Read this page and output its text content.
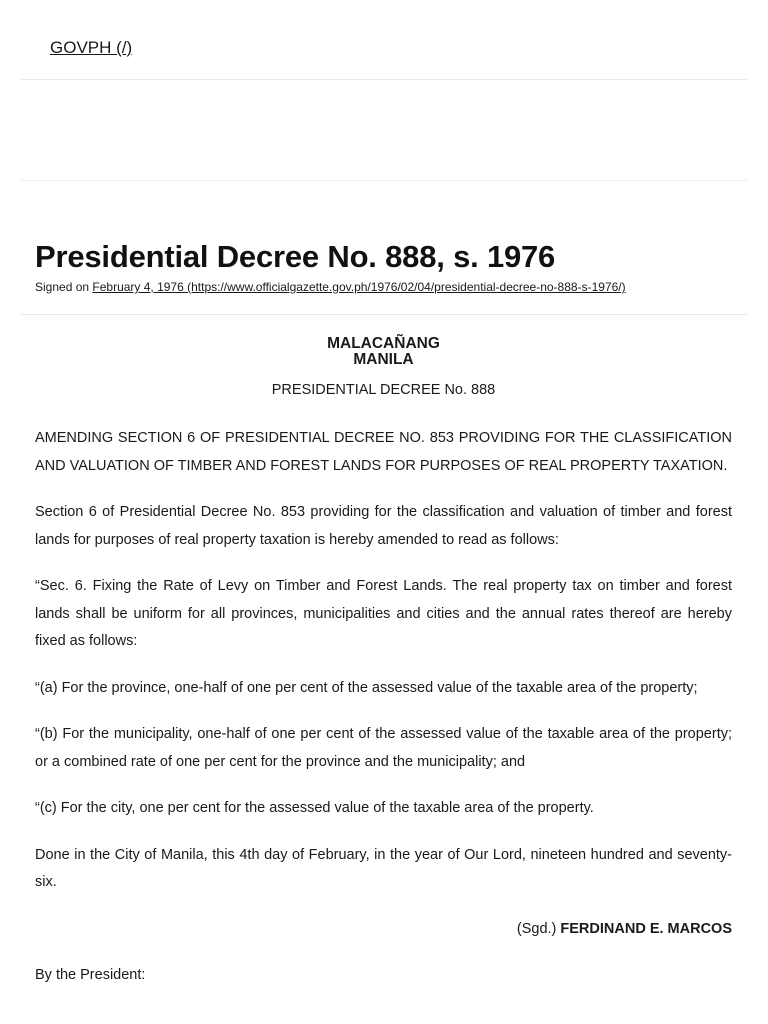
GOVPH (/)
Presidential Decree No. 888, s. 1976
Signed on February 4, 1976 (https://www.officialgazette.gov.ph/1976/02/04/presidential-decree-no-888-s-1976/)
MALACAÑANG
MANILA
PRESIDENTIAL DECREE No. 888

AMENDING SECTION 6 OF PRESIDENTIAL DECREE NO. 853 PROVIDING FOR THE CLASSIFICATION AND VALUATION OF TIMBER AND FOREST LANDS FOR PURPOSES OF REAL PROPERTY TAXATION.

Section 6 of Presidential Decree No. 853 providing for the classification and valuation of timber and forest lands for purposes of real property taxation is hereby amended to read as follows:

“Sec. 6. Fixing the Rate of Levy on Timber and Forest Lands. The real property tax on timber and forest lands shall be uniform for all provinces, municipalities and cities and the annual rates thereof are hereby fixed as follows:

“(a) For the province, one-half of one per cent of the assessed value of the taxable area of the property;

“(b) For the municipality, one-half of one per cent of the assessed value of the taxable area of the property; or a combined rate of one per cent for the province and the municipality; and

“(c) For the city, one per cent for the assessed value of the taxable area of the property.

Done in the City of Manila, this 4th day of February, in the year of Our Lord, nineteen hundred and seventy-six.

(Sgd.) FERDINAND E. MARCOS
By the President:
